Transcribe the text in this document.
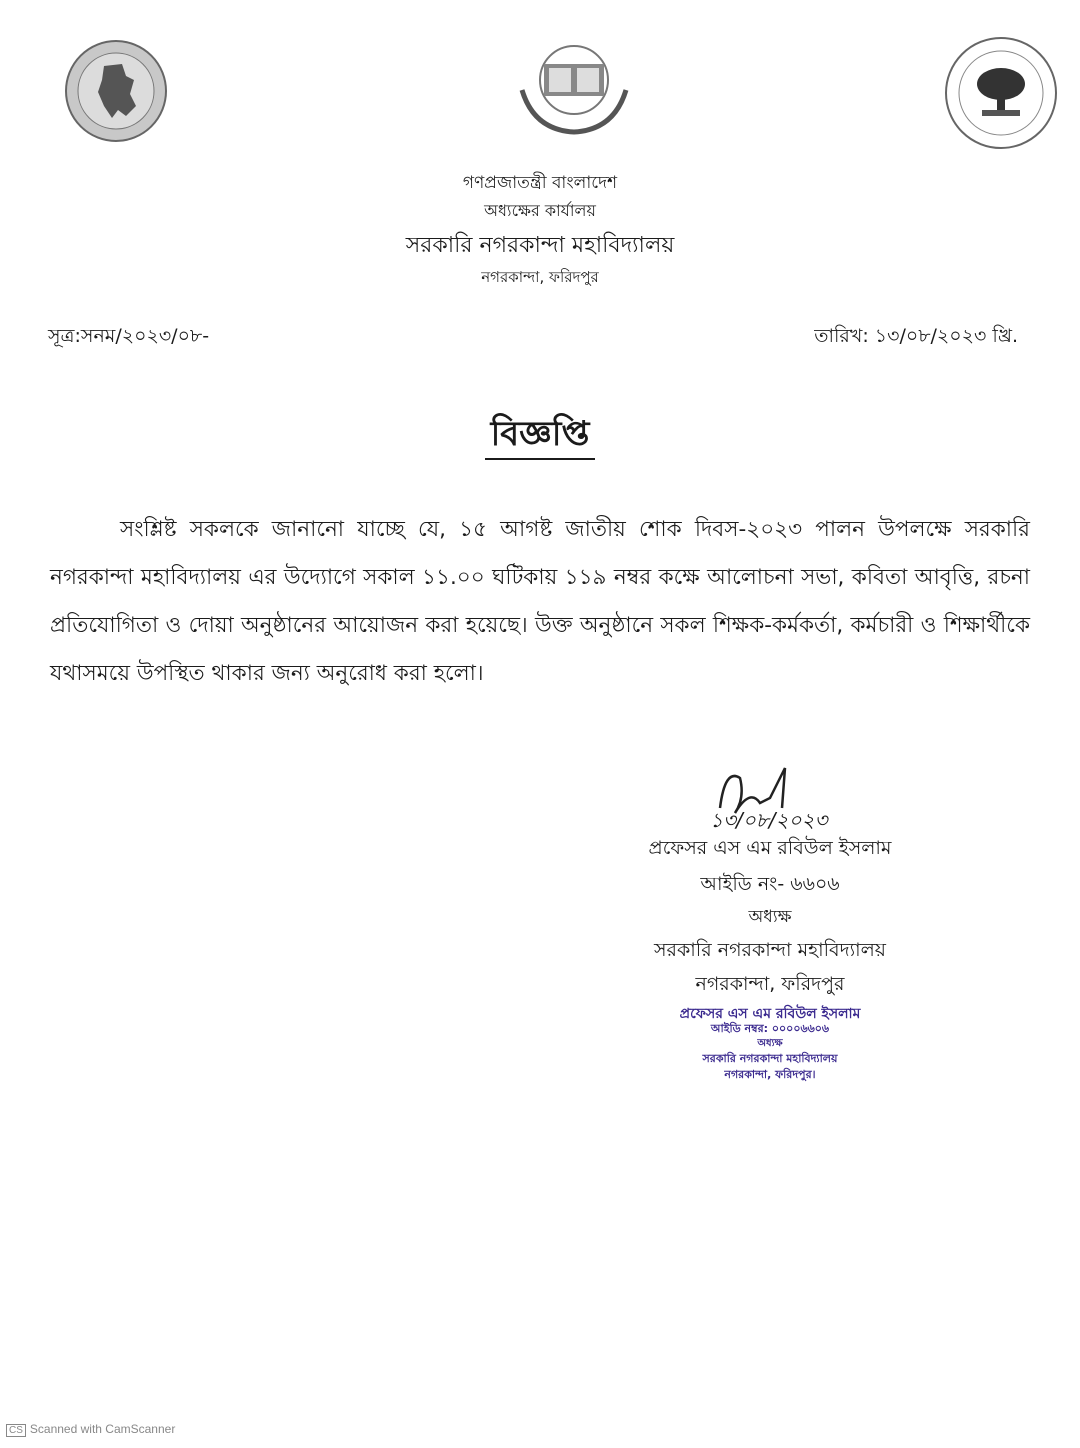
গণপ্রজাতন্ত্রী বাংলাদেশ
অধ্যক্ষের কার্যালয়
সরকারি নগরকান্দা মহাবিদ্যালয়
নগরকান্দা, ফরিদপুর
সূত্র:সনম/২০২৩/০৮-	তারিখ: ১৩/০৮/২০২৩ খ্রি.
বিজ্ঞপ্তি
সংশ্লিষ্ট সকলকে জানানো যাচ্ছে যে, ১৫ আগষ্ট জাতীয় শোক দিবস-২০২৩ পালন উপলক্ষে সরকারি নগরকান্দা মহাবিদ্যালয় এর উদ্যোগে সকাল ১১.০০ ঘটিকায় ১১৯ নম্বর কক্ষে আলোচনা সভা, কবিতা আবৃত্তি, রচনা প্রতিযোগিতা ও দোয়া অনুষ্ঠানের আয়োজন করা হয়েছে। উক্ত অনুষ্ঠানে সকল শিক্ষক-কর্মকর্তা, কর্মচারী ও শিক্ষার্থীকে যথাসময়ে উপস্থিত থাকার জন্য অনুরোধ করা হলো।
১৩/০৮/২০২৩
প্রফেসর এস এম রবিউল ইসলাম
আইডি নং- ৬৬০৬
অধ্যক্ষ
সরকারি নগরকান্দা মহাবিদ্যালয়
নগরকান্দা, ফরিদপুর
প্রফেসর এস এম রবিউল ইসলাম
আইডি নম্বর: ০০০০৬৬০৬
অধ্যক্ষ
সরকারি নগরকান্দা মহাবিদ্যালয়
নগরকান্দা, ফরিদপুর।
CS Scanned with CamScanner
